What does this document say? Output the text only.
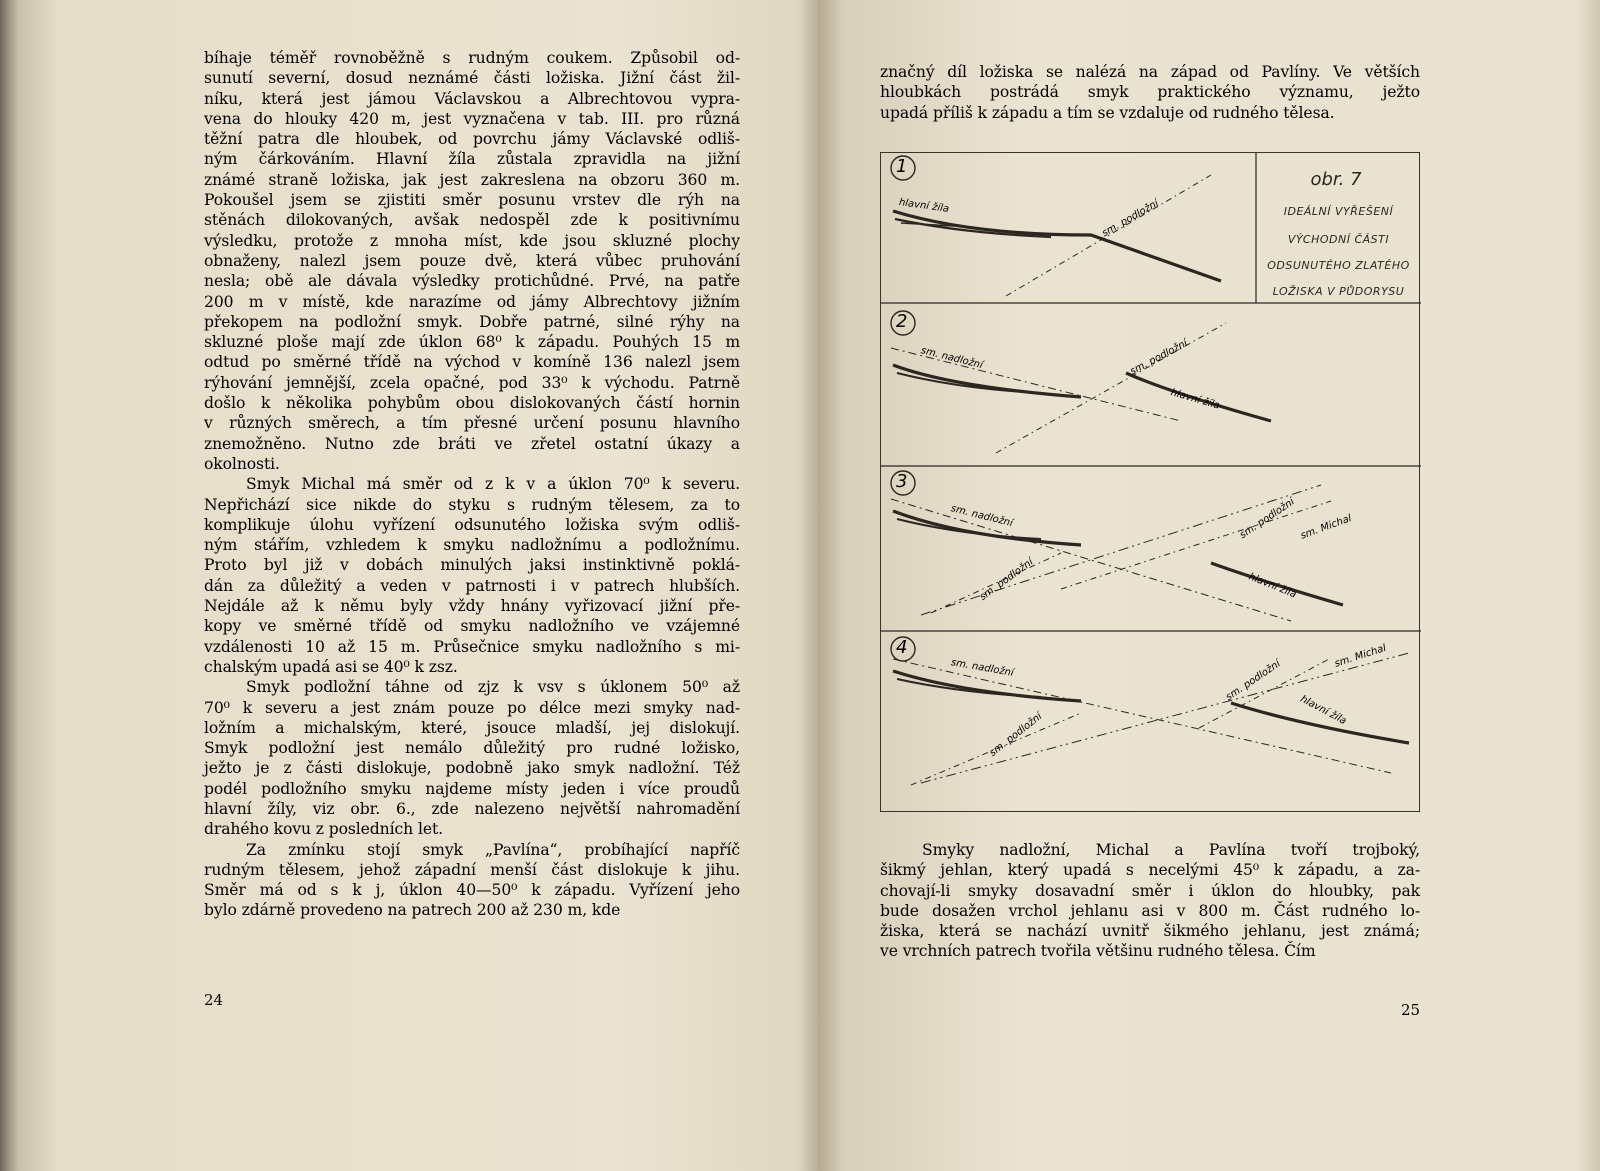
bíhaje téměř rovnoběžně s rudným coukem. Způsobil od-
sunutí severní, dosud neznámé části ložiska. Jižní část žil-
níku, která jest jámou Václavskou a Albrechtovou vypra-
vena do hlouky 420 m, jest vyznačena v tab. III. pro různá
těžní patra dle hloubek, od povrchu jámy Václavské odliš-
ným čárkováním. Hlavní žíla zůstala zpravidla na jižní
známé straně ložiska, jak jest zakreslena na obzoru 360 m.
Pokoušel jsem se zjistiti směr posunu vrstev dle rýh na
stěnách dilokovaných, avšak nedospěl zde k positivnímu
výsledku, protože z mnoha míst, kde jsou skluzné plochy
obnaženy, nalezl jsem pouze dvě, která vůbec pruhování
nesla; obě ale dávala výsledky protichůdné. Prvé, na patře
200 m v místě, kde narazíme od jámy Albrechtovy jižním
překopem na podložní smyk. Dobře patrné, silné rýhy na
skluzné ploše mají zde úklon 68⁰ k západu. Pouhých 15 m
odtud po směrné třídě na východ v komíně 136 nalezl jsem
rýhování jemnější, zcela opačné, pod 33⁰ k východu. Patrně
došlo k několika pohybům obou dislokovaných částí hornin
v různých směrech, a tím přesné určení posunu hlavního
znemožněno. Nutno zde bráti ve zřetel ostatní úkazy a
okolnosti.
Smyk Michal má směr od z k v a úklon 70⁰ k severu.
Nepřichází sice nikde do styku s rudným tělesem, za to
komplikuje úlohu vyřízení odsunutého ložiska svým odliš-
ným stářím, vzhledem k smyku nadložnímu a podložnímu.
Proto byl již v dobách minulých jaksi instinktivně poklá-
dán za důležitý a veden v patrnosti i v patrech hlubších.
Nejdále až k němu byly vždy hnány vyřizovací jižní pře-
kopy ve směrné třídě od smyku nadložního ve vzájemné
vzdálenosti 10 až 15 m. Průsečnice smyku nadložního s mi-
chalským upadá asi se 40⁰ k zsz.
Smyk podložní táhne od zjz k vsv s úklonem 50⁰ až
70⁰ k severu a jest znám pouze po délce mezi smyky nad-
ložním a michalským, které, jsouce mladší, jej dislokují.
Smyk podložní jest nemálo důležitý pro rudné ložisko,
ježto je z části dislokuje, podobně jako smyk nadložní. Též
podél podložního smyku najdeme místy jeden i více proudů
hlavní žíly, viz obr. 6., zde nalezeno největší nahromadění
drahého kovu z posledních let.
Za zmínku stojí smyk „Pavlína“, probíhající napříč
rudným tělesem, jehož západní menší část dislokuje k jihu.
Směr má od s k j, úklon 40—50⁰ k západu. Vyřízení jeho
bylo zdárně provedeno na patrech 200 až 230 m, kde
24
značný díl ložiska se nalézá na západ od Pavlíny. Ve větších
hloubkách postrádá smyk praktického významu, ježto
upadá příliš k západu a tím se vzdaluje od rudného tělesa.
1
2
3
4
hlavní žíla	sm. podložní
sm. nadložní	sm. podložní
hlavní žíla
sm. nadložní	sm. podložní sm. Michal
hlavní žíla
sm. podložní
sm. nadložní	sm. podložní
sm. Michal
hlavní žíla
sm. podložní
obr. 7
IDEÁLNÍ VYŘEŠENÍ
VÝCHODNÍ ČÁSTI
ODSUNUTÉHO ZLATÉHO
LOŽISKA V PŮDORYSU
Smyky nadložní, Michal a Pavlína tvoří trojboký,
šikmý jehlan, který upadá s necelými 45⁰ k západu, a za-
chovají-li smyky dosavadní směr i úklon do hloubky, pak
bude dosažen vrchol jehlanu asi v 800 m. Část rudného lo-
žiska, která se nachází uvnitř šikmého jehlanu, jest známá;
ve vrchních patrech tvořila většinu rudného tělesa. Čím
25
